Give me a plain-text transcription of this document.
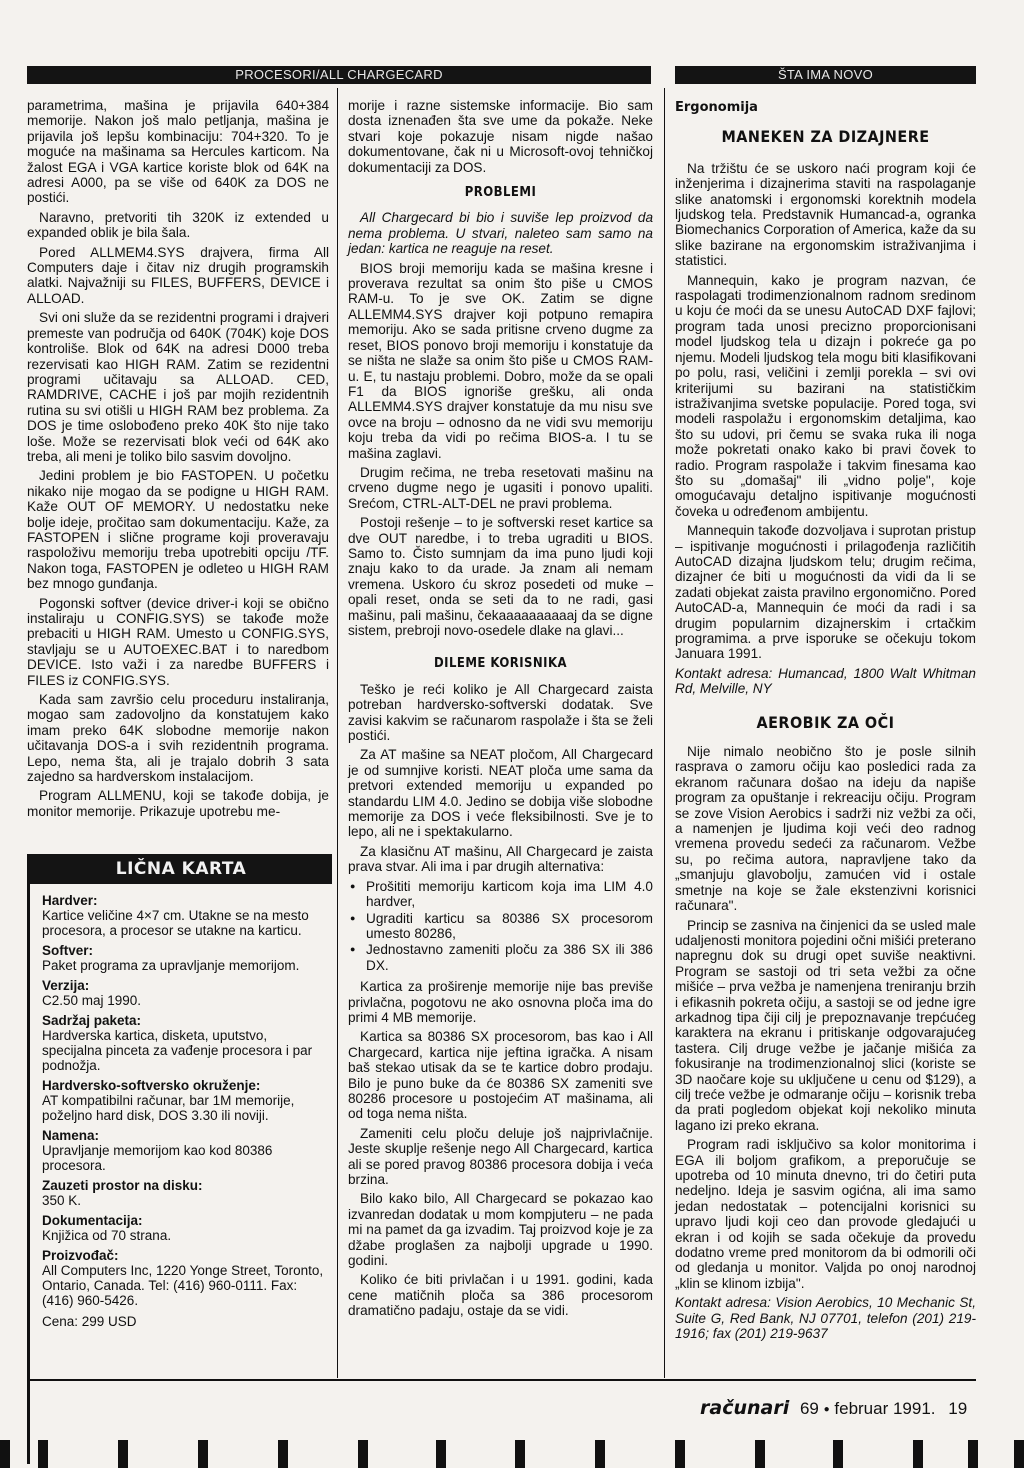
PROCESORI/ALL CHARGECARD	ŠTA IMA NOVO

parametrima, mašina je prijavila 640+384 memorije. Nakon još malo petljanja, mašina je prijavila još lepšu kombinaciju: 704+320. To je moguće na mašinama sa Hercules karticom. Na žalost EGA i VGA kartice koriste blok od 64K na adresi A000, pa se više od 640K za DOS ne postići.

Naravno, pretvoriti tih 320K iz extended u expanded oblik je bila šala.

Pored ALLMEM4.SYS drajvera, firma All Computers daje i čitav niz drugih programskih alatki. Najvažniji su FILES, BUFFERS, DEVICE i ALLOAD.

Svi oni služe da se rezidentni programi i drajveri premeste van područja od 640K (704K) koje DOS kontroliše. Blok od 64K na adresi D000 treba rezervisati kao HIGH RAM. Zatim se rezidentni programi učitavaju sa ALLOAD. CED, RAMDRIVE, CACHE i još par mojih rezidentnih rutina su svi otišli u HIGH RAM bez problema. Za DOS je time oslobođeno preko 40K što nije tako loše. Može se rezervisati blok veći od 64K ako treba, ali meni je toliko bilo sasvim dovoljno.

Jedini problem je bio FASTOPEN. U početku nikako nije mogao da se podigne u HIGH RAM. Kaže OUT OF MEMORY. U nedostatku neke bolje ideje, pročitao sam dokumentaciju. Kaže, za FASTOPEN i slične programe koji proveravaju raspoloživu memoriju treba upotrebiti opciju /TF. Nakon toga, FASTOPEN je odleteo u HIGH RAM bez mnogo gunđanja.

Pogonski softver (device driver-i koji se obično instaliraju u CONFIG.SYS) se takođe može prebaciti u HIGH RAM. Umesto u CONFIG.SYS, stavljaju se u AUTOEXEC.BAT i to naredbom DEVICE. Isto važi i za naredbe BUFFERS i FILES iz CONFIG.SYS.

Kada sam završio celu proceduru instaliranja, mogao sam zadovoljno da konstatujem kako imam preko 64K slobodne memorije nakon učitavanja DOS-a i svih rezidentnih programa. Lepo, nema šta, ali je trajalo dobrih 3 sata zajedno sa hardverskom instalacijom.

Program ALLMENU, koji se takođe dobija, je monitor memorije. Prikazuje upotrebu me-

LIČNA KARTA
Hardver:
Kartice veličine 4×7 cm. Utakne se na mesto procesora, a procesor se utakne na karticu.
Softver:
Paket programa za upravljanje memorijom.
Verzija:
C2.50 maj 1990.
Sadržaj paketa:
Hardverska kartica, disketa, uputstvo, specijalna pinceta za vađenje procesora i par podnožja.
Hardversko-softversko okruženje:
AT kompatibilni računar, bar 1M memorije, poželjno hard disk, DOS 3.30 ili noviji.
Namena:
Upravljanje memorijom kao kod 80386 procesora.
Zauzeti prostor na disku:
350 K.
Dokumentacija:
Knjižica od 70 strana.
Proizvođač:
All Computers Inc, 1220 Yonge Street, Toronto, Ontario, Canada. Tel: (416) 960-0111. Fax: (416) 960-5426.
Cena: 299 USD

morije i razne sistemske informacije. Bio sam dosta iznenađen šta sve ume da pokaže. Neke stvari koje pokazuje nisam nigde našao dokumentovane, čak ni u Microsoft-ovoj tehničkoj dokumentaciji za DOS.

PROBLEMI

All Chargecard bi bio i suviše lep proizvod da nema problema. U stvari, naleteo sam samo na jedan: kartica ne reaguje na reset.

BIOS broji memoriju kada se mašina kresne i proverava rezultat sa onim što piše u CMOS RAM-u. To je sve OK. Zatim se digne ALLEMM4.SYS drajver koji potpuno remapira memoriju. Ako se sada pritisne crveno dugme za reset, BIOS ponovo broji memoriju i konstatuje da se ništa ne slaže sa onim što piše u CMOS RAM-u. E, tu nastaju problemi. Dobro, može da se opali F1 da BIOS ignoriše grešku, ali onda ALLEMM4.SYS drajver konstatuje da mu nisu sve ovce na broju – odnosno da ne vidi svu memoriju koju treba da vidi po rečima BIOS-a. I tu se mašina zaglavi.

Drugim rečima, ne treba resetovati mašinu na crveno dugme nego je ugasiti i ponovo upaliti. Srećom, CTRL-ALT-DEL ne pravi problema.

Postoji rešenje – to je softverski reset kartice sa dve OUT naredbe, i to treba ugraditi u BIOS. Samo to. Čisto sumnjam da ima puno ljudi koji znaju kako to da urade. Ja znam ali nemam vremena. Uskoro ću skroz posedeti od muke – opali reset, onda se seti da to ne radi, gasi mašinu, pali mašinu, čekaaaaaaaaaaj da se digne sistem, prebroji novo-osedele dlake na glavi...

DILEME KORISNIKA

Teško je reći koliko je All Chargecard zaista potreban hardversko-softverski dodatak. Sve zavisi kakvim se računarom raspolaže i šta se želi postići.

Za AT mašine sa NEAT pločom, All Chargecard je od sumnjive koristi. NEAT ploča ume sama da pretvori extended memoriju u expanded po standardu LIM 4.0. Jedino se dobija više slobodne memorije za DOS i veće fleksibilnosti. Sve je to lepo, ali ne i spektakularno.

Za klasičnu AT mašinu, All Chargecard je zaista prava stvar. Ali ima i par drugih alternativa:

● Prošititi memoriju karticom koja ima LIM 4.0 hardver,
● Ugraditi karticu sa 80386 SX procesorom umesto 80286,
● Jednostavno zameniti ploču za 386 SX ili 386 DX.

Kartica za proširenje memorije nije bas previše privlačna, pogotovu ne ako osnovna ploča ima do primi 4 MB memorije.

Kartica sa 80386 SX procesorom, bas kao i All Chargecard, kartica nije jeftina igračka. A nisam baš stekao utisak da se te kartice dobro prodaju. Bilo je puno buke da će 80386 SX zameniti sve 80286 procesore u postojećim AT mašinama, ali od toga nema ništa.

Zameniti celu ploču deluje još najprivlačnije. Jeste skuplje rešenje nego All Chargecard, kartica ali se pored pravog 80386 procesora dobija i veća brzina.

Bilo kako bilo, All Chargecard se pokazao kao izvanredan dodatak u mom kompjuteru – ne pada mi na pamet da ga izvadim. Taj proizvod koje je za džabe proglašen za najbolji upgrade u 1990. godini.

Koliko će biti privlačan i u 1991. godini, kada cene matičnih ploča sa 386 procesorom dramatično padaju, ostaje da se vidi.

Ergonomija
MANEKEN ZA DIZAJNERE

Na tržištu će se uskoro naći program koji će inženjerima i dizajnerima staviti na raspolaganje slike anatomski i ergonomski korektnih modela ljudskog tela. Predstavnik Humancad-a, ogranka Biomechanics Corporation of America, kaže da su slike bazirane na ergonomskim istraživanjima i statistici.

Mannequin, kako je program nazvan, će raspolagati trodimenzionalnom radnom sredinom u koju će moći da se unesu AutoCAD DXF fajlovi; program tada unosi precizno proporcionisani model ljudskog tela u dizajn i pokreće ga po njemu. Modeli ljudskog tela mogu biti klasifikovani po polu, rasi, veličini i zemlji porekla – svi ovi kriterijumi su bazirani na statističkim istraživanjima svetske populacije. Pored toga, svi modeli raspolažu i ergonomskim detaljima, kao što su udovi, pri čemu se svaka ruka ili noga može pokretati onako kako bi pravi čovek to radio. Program raspolaže i takvim finesama kao što su „domašaj" ili „vidno polje", koje omogućavaju detaljno ispitivanje mogućnosti čoveka u određenom ambijentu.

Mannequin takođe dozvoljava i suprotan pristup – ispitivanje mogućnosti i prilagođenja različitih AutoCAD dizajna ljudskom telu; drugim rečima, dizajner će biti u mogućnosti da vidi da li se zadati objekat zaista pravilno ergonomično. Pored AutoCAD-a, Mannequin će moći da radi i sa drugim popularnim dizajnerskim i crtačkim programima. a prve isporuke se očekuju tokom Januara 1991.

Kontakt adresa: Humancad, 1800 Walt Whitman Rd, Melville, NY

AEROBIK ZA OČI

Nije nimalo neobično što je posle silnih rasprava o zamoru očiju kao posledici rada za ekranom računara došao na ideju da napiše program za opuštanje i rekreaciju očiju. Program se zove Vision Aerobics i sadrži niz vežbi za oči, a namenjen je ljudima koji veći deo radnog vremena provedu sedeći za računarom. Vežbe su, po rečima autora, napravljene tako da „smanjuju glavobolju, zamućen vid i ostale smetnje na koje se žale ekstenzivni korisnici računara".

Princip se zasniva na činjenici da se usled male udaljenosti monitora pojedini očni mišići preterano napregnu dok su drugi opet suviše neaktivni. Program se sastoji od tri seta vežbi za očne mišiće – prva vežba je namenjena treniranju brzih i efikasnih pokreta očiju, a sastoji se od jedne igre arkadnog tipa čiji cilj je prepoznavanje trepćućeg karaktera na ekranu i pritiskanje odgovarajućeg tastera. Cilj druge vežbe je jačanje mišića za fokusiranje na trodimenzionalnoj slici (koriste se 3D naočare koje su uključene u cenu od $129), a cilj treće vežbe je odmaranje očiju – korisnik treba da prati pogledom objekat koji nekoliko minuta lagano izi preko ekrana.

Program radi isključivo sa kolor monitorima i EGA ili boljom grafikom, a preporučuje se upotreba od 10 minuta dnevno, tri do četiri puta nedeljno. Ideja je sasvim ogićna, ali ima samo jedan nedostatak – potencijalni korisnici su upravo ljudi koji ceo dan provode gledajući u ekran i od kojih se sada očekuje da provedu dodatno vreme pred monitorom da bi odmorili oči od gledanja u monitor. Valjda po onoj narodnoj „klin se klinom izbija".

Kontakt adresa: Vision Aerobics, 10 Mechanic St, Suite G, Red Bank, NJ 07701, telefon (201) 219-1916; fax (201) 219-9637

računari 69 ● februar 1991. 19
